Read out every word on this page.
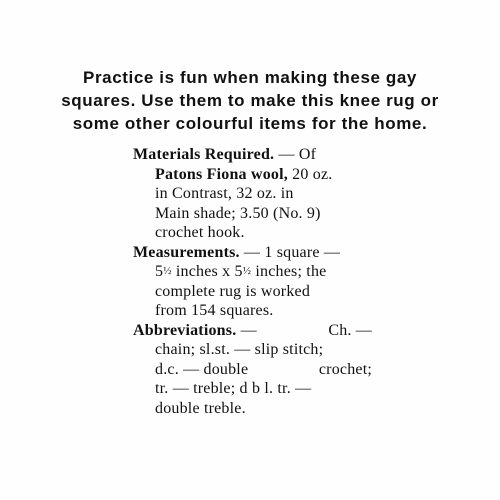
Practice is fun when making these gay
squares. Use them to make this knee rug or
some other colourful items for the home.
Materials Required. — Of
Patons Fiona wool, 20 oz.
in Contrast, 32 oz. in
Main shade; 3.50 (No. 9)
crochet hook.
Measurements. — 1 square —
5½ inches x 5½ inches; the
complete rug is worked
from 154 squares.
Abbreviations. —	Ch. —
chain; sl.st. — slip stitch;
d.c. — double	crochet;
tr. — treble; d b l. tr. —
double treble.
